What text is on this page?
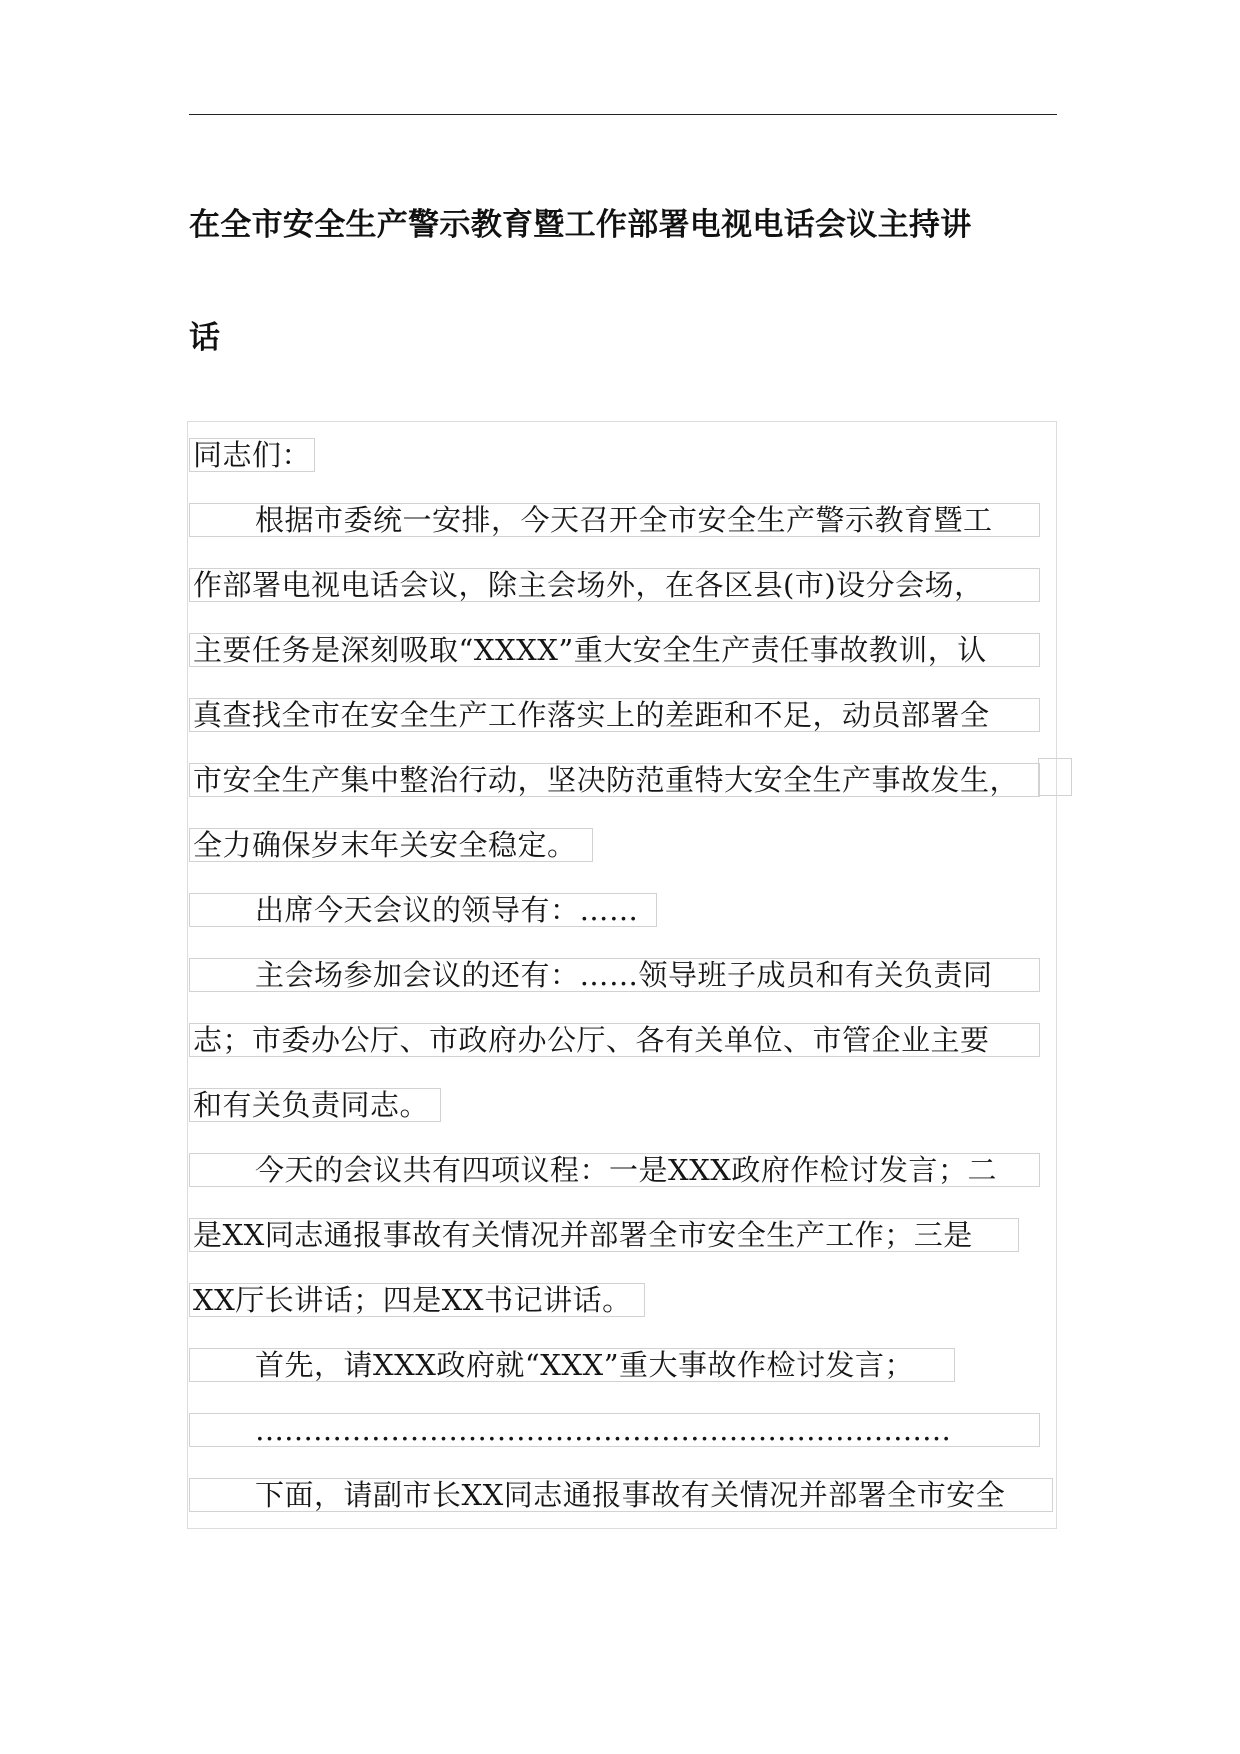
在全市安全生产警示教育暨工作部署电视电话会议主持讲
话
同志们：
根据市委统一安排，今天召开全市安全生产警示教育暨工
作部署电视电话会议，除主会场外，在各区县(市)设分会场，
主要任务是深刻吸取“XXXX”重大安全生产责任事故教训，认
真查找全市在安全生产工作落实上的差距和不足，动员部署全
市安全生产集中整治行动，坚决防范重特大安全生产事故发生，
全力确保岁末年关安全稳定。
出席今天会议的领导有：……
主会场参加会议的还有：……领导班子成员和有关负责同
志；市委办公厅、市政府办公厅、各有关单位、市管企业主要
和有关负责同志。
今天的会议共有四项议程：一是XXX政府作检讨发言；二
是XX同志通报事故有关情况并部署全市安全生产工作；三是
XX厅长讲话；四是XX书记讲话。
首先，请XXX政府就“XXX”重大事故作检讨发言；
………………………………………………………………
下面，请副市长XX同志通报事故有关情况并部署全市安全
